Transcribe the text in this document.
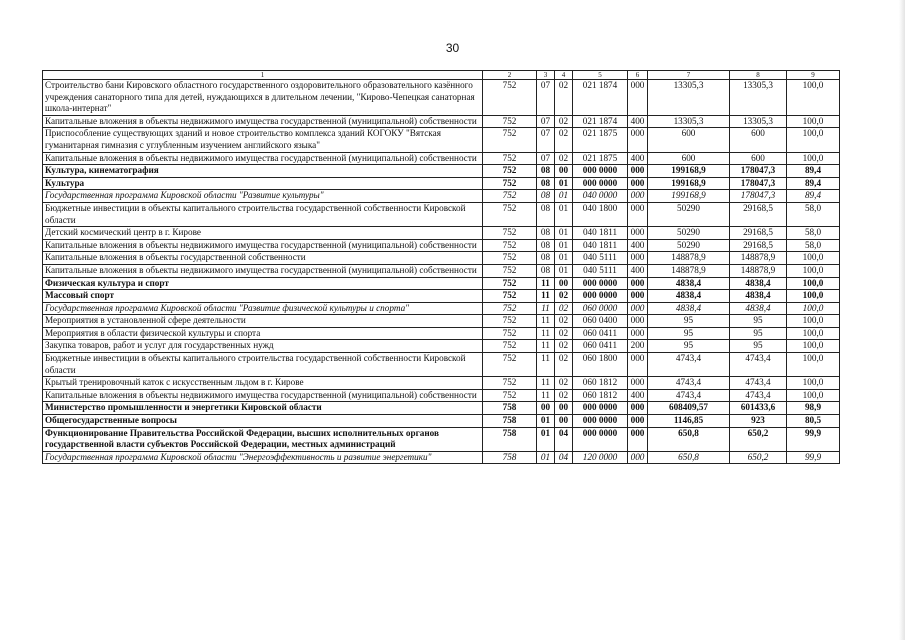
30
1	2	3	4	5	6	7	8	9
Строительство бани Кировского областного государственного оздоровительного образовательного казённого учреждения санаторного типа для детей, нуждающихся в длительном лечении, "Кирово-Чепецкая санаторная школа-интернат"	752	07	02	021 1874	000	13305,3	13305,3	100,0
Капитальные вложения в объекты недвижимого имущества государственной (муниципальной) собственности	752	07	02	021 1874	400	13305,3	13305,3	100,0
Приспособление существующих зданий и новое строительство комплекса зданий КОГОКУ "Вятская гуманитарная гимназия с углубленным изучением английского языка"	752	07	02	021 1875	000	600	600	100,0
Капитальные вложения в объекты недвижимого имущества государственной (муниципальной) собственности	752	07	02	021 1875	400	600	600	100,0
Культура, кинематография	752	08	00	000 0000	000	199168,9	178047,3	89,4
Культура	752	08	01	000 0000	000	199168,9	178047,3	89,4
Государственная программа Кировской области "Развитие культуры"	752	08	01	040 0000	000	199168,9	178047,3	89,4
Бюджетные инвестиции в объекты капитального строительства государственной собственности Кировской области	752	08	01	040 1800	000	50290	29168,5	58,0
Детский космический центр в г. Кирове	752	08	01	040 1811	000	50290	29168,5	58,0
Капитальные вложения в объекты недвижимого имущества государственной (муниципальной) собственности	752	08	01	040 1811	400	50290	29168,5	58,0
Капитальные вложения в объекты государственной собственности	752	08	01	040 5111	000	148878,9	148878,9	100,0
Капитальные вложения в объекты недвижимого имущества государственной (муниципальной) собственности	752	08	01	040 5111	400	148878,9	148878,9	100,0
Физическая культура и спорт	752	11	00	000 0000	000	4838,4	4838,4	100,0
Массовый спорт	752	11	02	000 0000	000	4838,4	4838,4	100,0
Государственная программа Кировской области "Развитие физической культуры и спорта"	752	11	02	060 0000	000	4838,4	4838,4	100,0
Мероприятия в установленной сфере деятельности	752	11	02	060 0400	000	95	95	100,0
Мероприятия в области физической культуры и спорта	752	11	02	060 0411	000	95	95	100,0
Закупка товаров, работ и услуг для государственных нужд	752	11	02	060 0411	200	95	95	100,0
Бюджетные инвестиции в объекты капитального строительства государственной собственности Кировской области	752	11	02	060 1800	000	4743,4	4743,4	100,0
Крытый тренировочный каток с искусственным льдом в г. Кирове	752	11	02	060 1812	000	4743,4	4743,4	100,0
Капитальные вложения в объекты недвижимого имущества государственной (муниципальной) собственности	752	11	02	060 1812	400	4743,4	4743,4	100,0
Министерство промышленности и энергетики Кировской области	758	00	00	000 0000	000	608409,57	601433,6	98,9
Общегосударственные вопросы	758	01	00	000 0000	000	1146,85	923	80,5
Функционирование Правительства Российской Федерации, высших исполнительных органов государственной власти субъектов Российской Федерации, местных администраций	758	01	04	000 0000	000	650,8	650,2	99,9
Государственная программа Кировской области "Энергоэффективность и развитие энергетики"	758	01	04	120 0000	000	650,8	650,2	99,9
